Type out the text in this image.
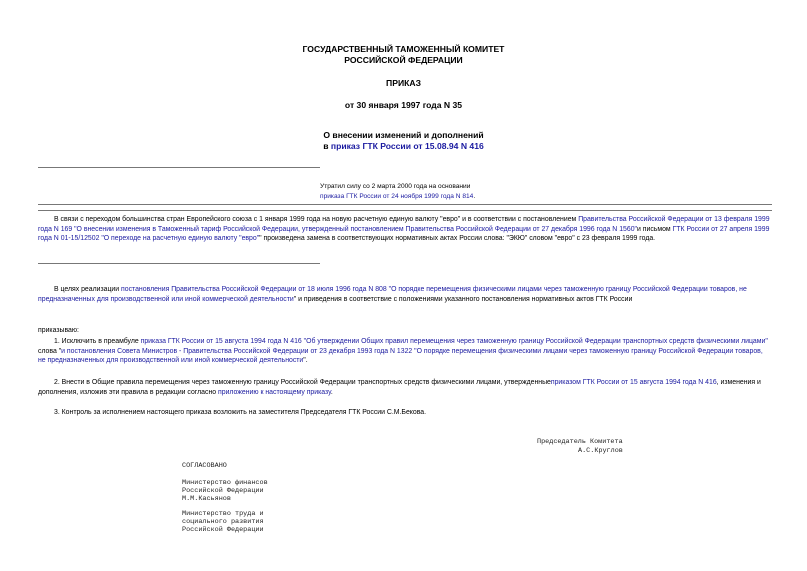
ГОСУДАРСТВЕННЫЙ ТАМОЖЕННЫЙ КОМИТЕТ
РОССИЙСКОЙ ФЕДЕРАЦИИ
ПРИКАЗ
от 30 января 1997 года N 35
О внесении изменений и дополнений
в приказ ГТК России от 15.08.94 N 416
Утратил силу со 2 марта 2000 года на основании
приказа ГТК России от 24 ноября 1999 года N 814.

В связи с переходом большинства стран Европейского союза с 1 января 1999 года на новую расчетную единую валюту "евро" и в соответствии с постановлением Правительства Российской Федерации от 13 февраля 1999 года N 169 "О внесении изменения в Таможенный тариф Российской Федерации, утвержденный постановлением Правительства Российской Федерации от 27 декабря 1996 года N 1560"и письмом ГТК России от 27 апреля 1999 года N 01-15/12502 "О переходе на расчетную единую валюту "евро"" произведена замена в соответствующих нормативных актах России слова: "ЭКЮ" словом "евро" с 23 февраля 1999 года.

В целях реализации постановления Правительства Российской Федерации от 18 июля 1996 года N 808 "О порядке перемещения физическими лицами через таможенную границу Российской Федерации товаров, не предназначенных для производственной или иной коммерческой деятельности" и приведения в соответствие с положениями указанного постановления нормативных актов ГТК России

приказываю:

1. Исключить в преамбуле приказа ГТК России от 15 августа 1994 года N 416 "Об утверждении Общих правил перемещения через таможенную границу Российской Федерации транспортных средств физическими лицами" слова "и постановления Совета Министров - Правительства Российской Федерации от 23 декабря 1993 года N 1322 "О порядке перемещения физическими лицами через таможенную границу Российской Федерации товаров, не предназначенных для производственной или иной коммерческой деятельности".

2. Внести в Общие правила перемещения через таможенную границу Российской Федерации транспортных средств физическими лицами, утвержденныеприказом ГТК России от 15 августа 1994 года N 416, изменения и дополнения, изложив эти правила в редакции согласно приложению к настоящему приказу.

3. Контроль за исполнением настоящего приказа возложить на заместителя Председателя ГТК России С.М.Бекова.

Председатель Комитета
А.С.Круглов
СОГЛАСОВАНО
Министерство финансов
Российской Федерации
М.М.Касьянов
Министерство труда и
социального развития
Российской Федерации
